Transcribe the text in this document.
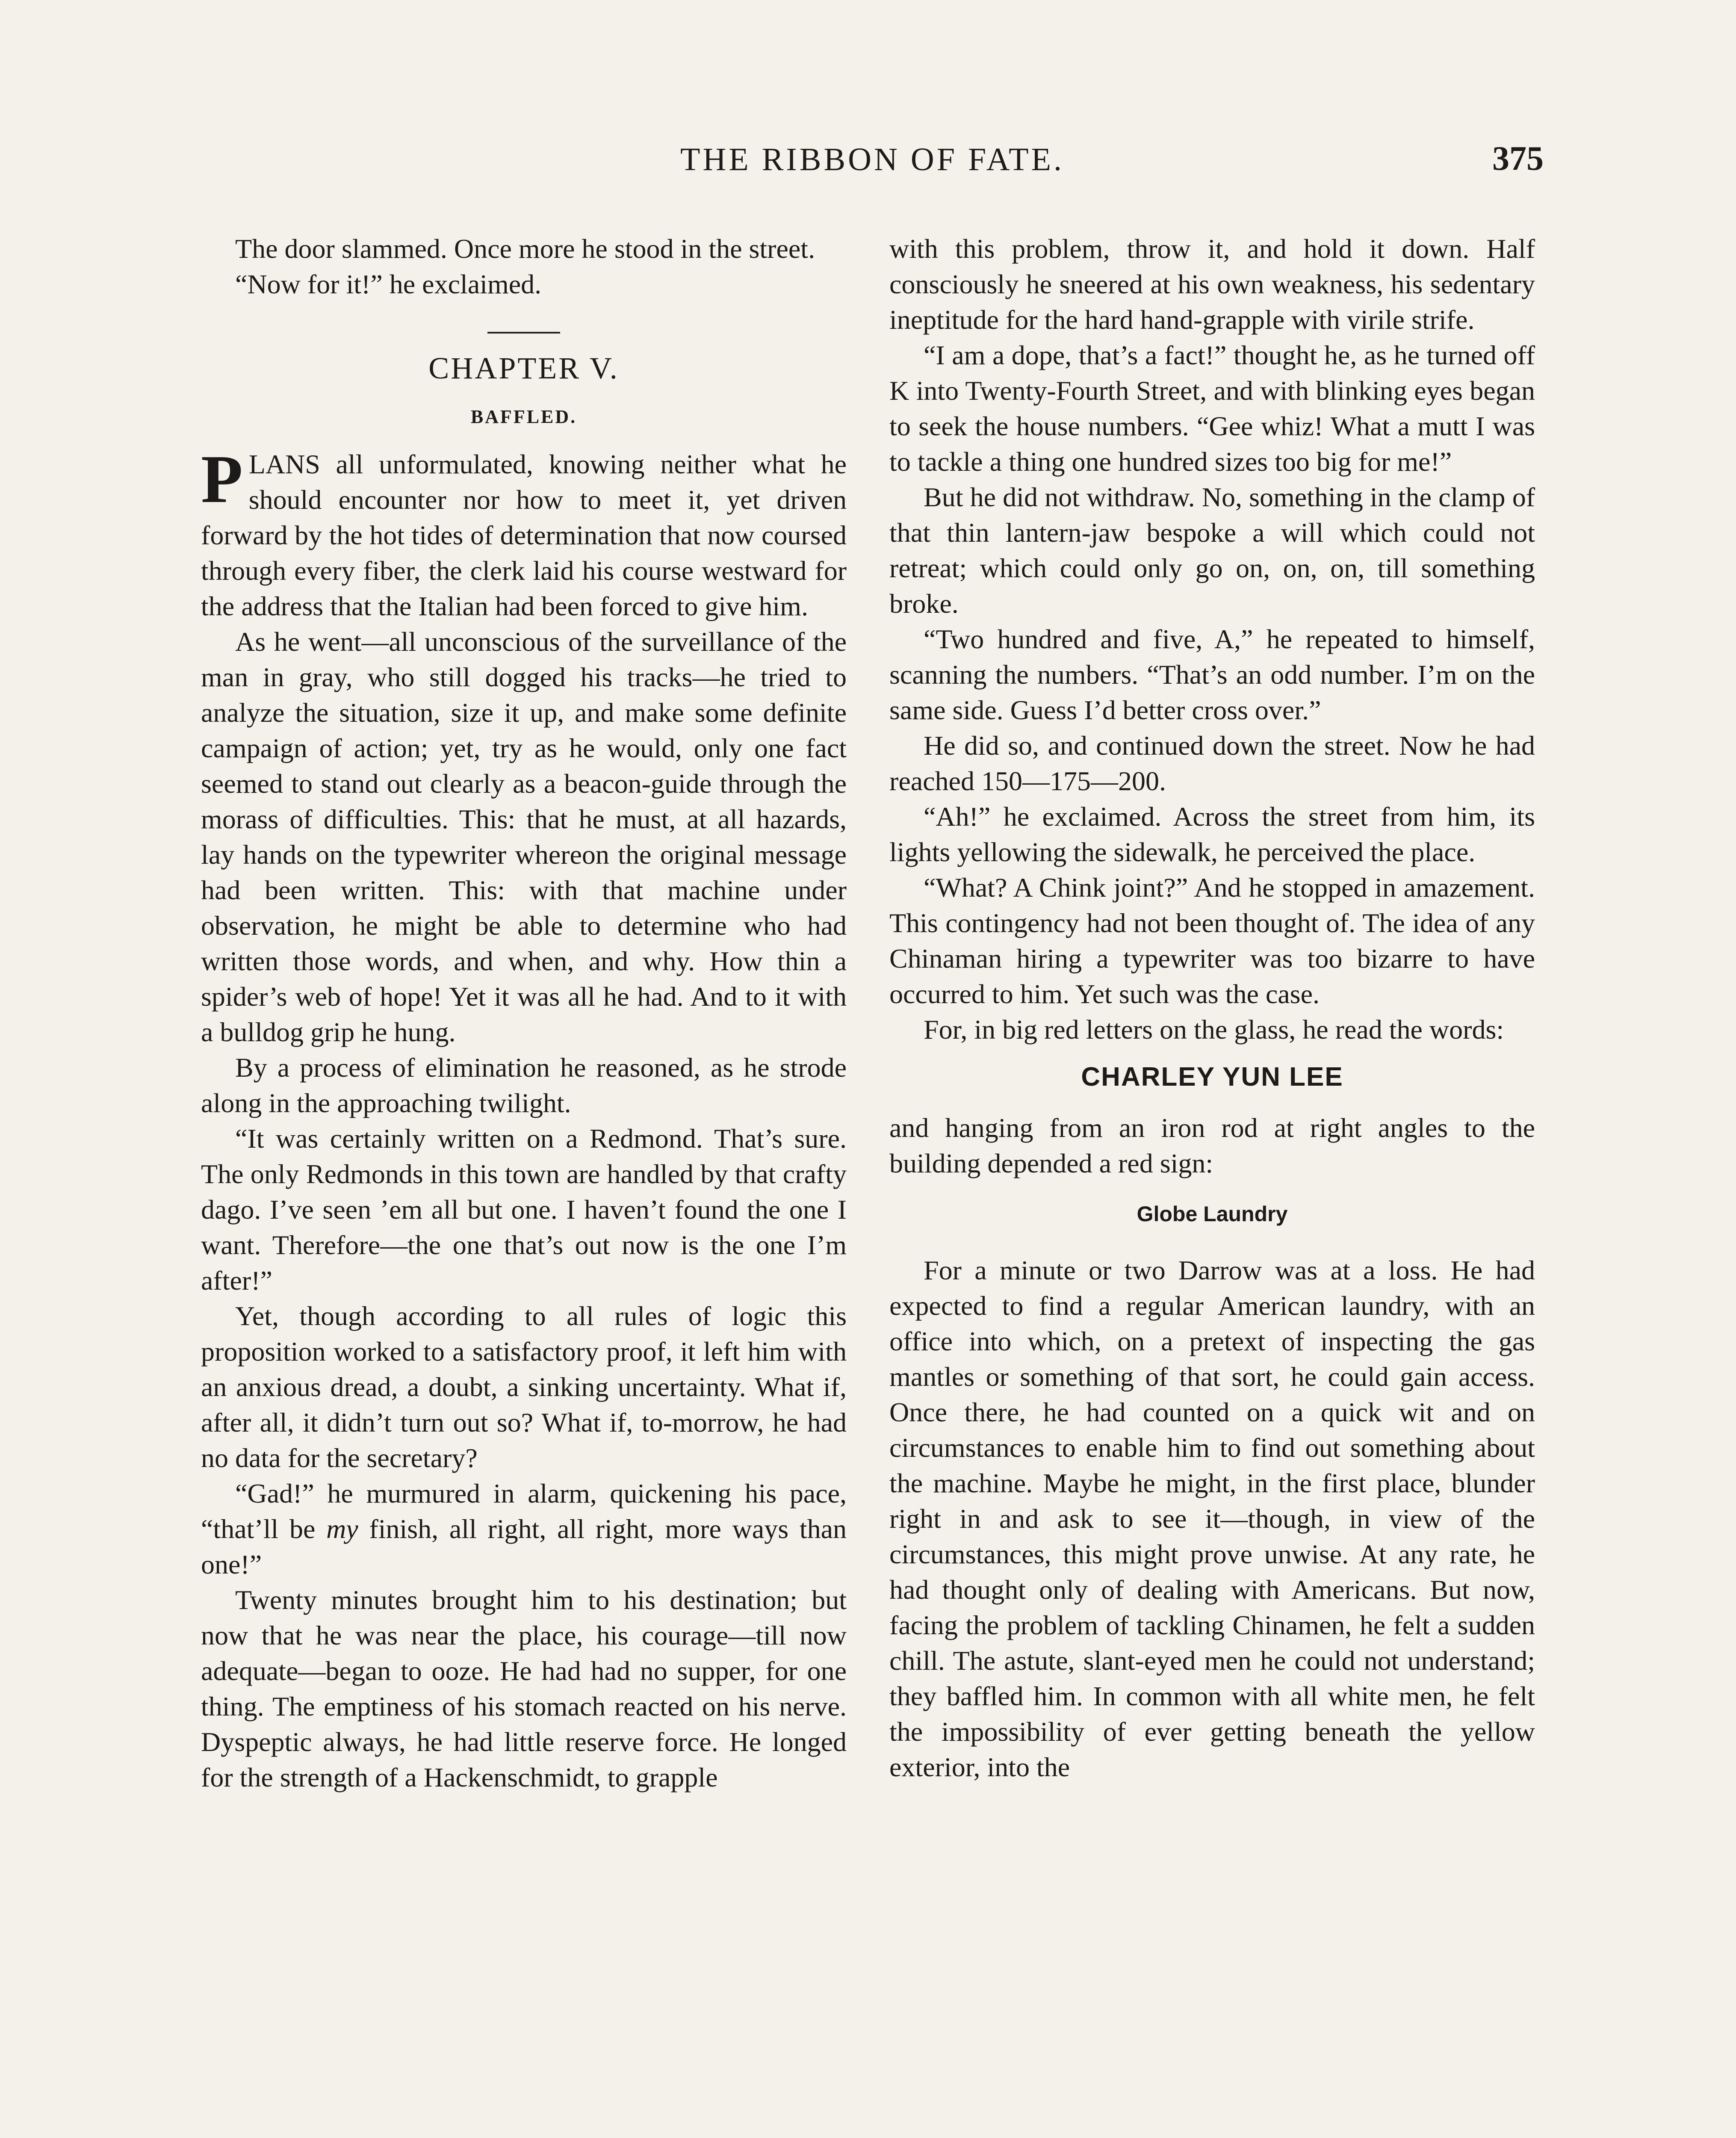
THE RIBBON OF FATE.	375

The door slammed. Once more he stood in the street.

“Now for it!” he exclaimed.

CHAPTER V.
BAFFLED.

PLANS all unformulated, knowing neither what he should encounter nor how to meet it, yet driven forward by the hot tides of determination that now coursed through every fiber, the clerk laid his course westward for the address that the Italian had been forced to give him.

As he went—all unconscious of the surveillance of the man in gray, who still dogged his tracks—he tried to analyze the situation, size it up, and make some definite campaign of action; yet, try as he would, only one fact seemed to stand out clearly as a beacon-guide through the morass of difficulties. This: that he must, at all hazards, lay hands on the typewriter whereon the original message had been written. This: with that machine under observation, he might be able to determine who had written those words, and when, and why. How thin a spider’s web of hope! Yet it was all he had. And to it with a bulldog grip he hung.

By a process of elimination he reasoned, as he strode along in the approaching twilight.

“It was certainly written on a Redmond. That’s sure. The only Redmonds in this town are handled by that crafty dago. I’ve seen ’em all but one. I haven’t found the one I want. Therefore—the one that’s out now is the one I’m after!”

Yet, though according to all rules of logic this proposition worked to a satisfactory proof, it left him with an anxious dread, a doubt, a sinking uncertainty. What if, after all, it didn’t turn out so? What if, to-morrow, he had no data for the secretary?

“Gad!” he murmured in alarm, quickening his pace, “that’ll be my finish, all right, all right, more ways than one!”

Twenty minutes brought him to his destination; but now that he was near the place, his courage—till now adequate—began to ooze. He had had no supper, for one thing. The emptiness of his stomach reacted on his nerve. Dyspeptic always, he had little reserve force. He longed for the strength of a Hackenschmidt, to grapple

with this problem, throw it, and hold it down. Half consciously he sneered at his own weakness, his sedentary ineptitude for the hard hand-grapple with virile strife.

“I am a dope, that’s a fact!” thought he, as he turned off K into Twenty-Fourth Street, and with blinking eyes began to seek the house numbers. “Gee whiz! What a mutt I was to tackle a thing one hundred sizes too big for me!”

But he did not withdraw. No, something in the clamp of that thin lantern-jaw bespoke a will which could not retreat; which could only go on, on, on, till something broke.

“Two hundred and five, A,” he repeated to himself, scanning the numbers. “That’s an odd number. I’m on the same side. Guess I’d better cross over.”

He did so, and continued down the street. Now he had reached 150—175—200.

“Ah!” he exclaimed. Across the street from him, its lights yellowing the sidewalk, he perceived the place.

“What? A Chink joint?” And he stopped in amazement. This contingency had not been thought of. The idea of any Chinaman hiring a typewriter was too bizarre to have occurred to him. Yet such was the case.

For, in big red letters on the glass, he read the words:

CHARLEY YUN LEE

and hanging from an iron rod at right angles to the building depended a red sign:

Globe Laundry

For a minute or two Darrow was at a loss. He had expected to find a regular American laundry, with an office into which, on a pretext of inspecting the gas mantles or something of that sort, he could gain access. Once there, he had counted on a quick wit and on circumstances to enable him to find out something about the machine. Maybe he might, in the first place, blunder right in and ask to see it—though, in view of the circumstances, this might prove unwise. At any rate, he had thought only of dealing with Americans. But now, facing the problem of tackling Chinamen, he felt a sudden chill. The astute, slant-eyed men he could not understand; they baffled him. In common with all white men, he felt the impossibility of ever getting beneath the yellow exterior, into the
